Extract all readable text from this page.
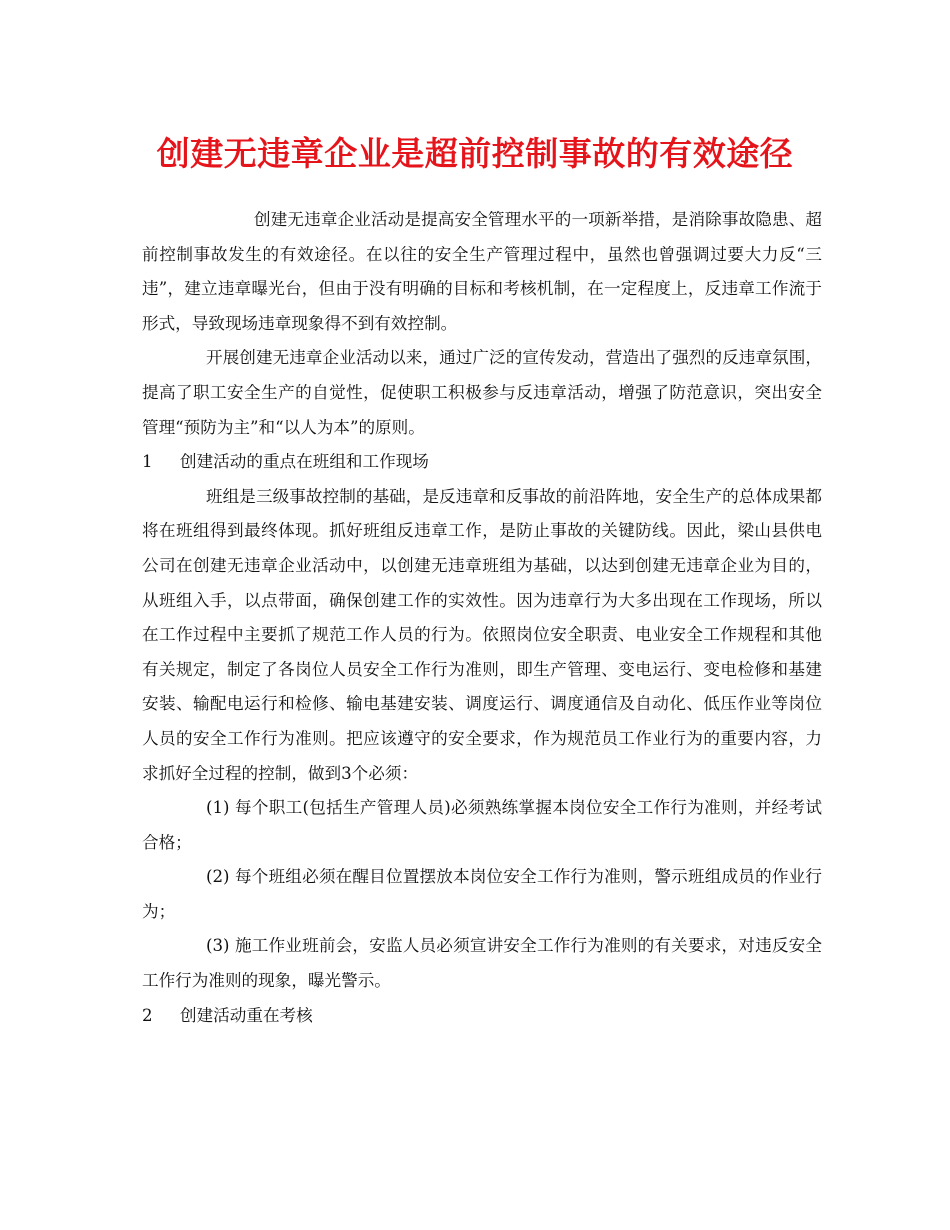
创建无违章企业是超前控制事故的有效途径

创建无违章企业活动是提高安全管理水平的一项新举措，是消除事故隐患、超前控制事故发生的有效途径。在以往的安全生产管理过程中，虽然也曾强调过要大力反“三违”，建立违章曝光台，但由于没有明确的目标和考核机制，在一定程度上，反违章工作流于形式，导致现场违章现象得不到有效控制。

开展创建无违章企业活动以来，通过广泛的宣传发动，营造出了强烈的反违章氛围，提高了职工安全生产的自觉性，促使职工积极参与反违章活动，增强了防范意识，突出安全管理“预防为主”和“以人为本”的原则。

1 创建活动的重点在班组和工作现场

班组是三级事故控制的基础，是反违章和反事故的前沿阵地，安全生产的总体成果都将在班组得到最终体现。抓好班组反违章工作，是防止事故的关键防线。因此，梁山县供电公司在创建无违章企业活动中，以创建无违章班组为基础，以达到创建无违章企业为目的，从班组入手，以点带面，确保创建工作的实效性。因为违章行为大多出现在工作现场，所以在工作过程中主要抓了规范工作人员的行为。依照岗位安全职责、电业安全工作规程和其他有关规定，制定了各岗位人员安全工作行为准则，即生产管理、变电运行、变电检修和基建安装、输配电运行和检修、输电基建安装、调度运行、调度通信及自动化、低压作业等岗位人员的安全工作行为准则。把应该遵守的安全要求，作为规范员工作业行为的重要内容，力求抓好全过程的控制，做到3个必须：

(1) 每个职工(包括生产管理人员)必须熟练掌握本岗位安全工作行为准则，并经考试合格；

(2) 每个班组必须在醒目位置摆放本岗位安全工作行为准则，警示班组成员的作业行为；

(3) 施工作业班前会，安监人员必须宣讲安全工作行为准则的有关要求，对违反安全工作行为准则的现象，曝光警示。

2 创建活动重在考核
